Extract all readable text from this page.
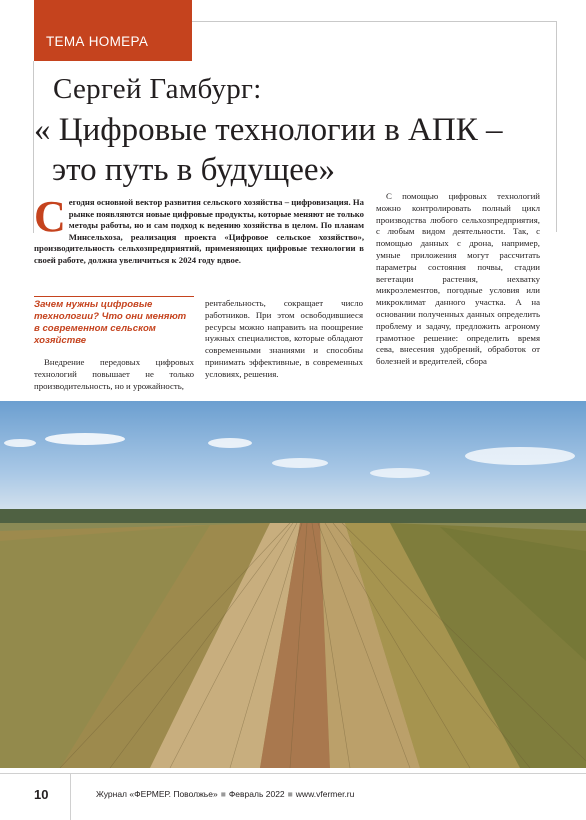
ТЕМА НОМЕРА
Сергей Гамбург:
« Цифровые технологии в АПК –
это путь в будущее»
Сегодня основной вектор развития сельского хозяйства – цифровизация. На рынке появляются новые цифровые продукты, которые меняют не только методы работы, но и сам подход к ведению хозяйства в целом. По планам Минсельхоза, реализация проекта «Цифровое сельское хозяйство», производительность сельхозпредприятий, применяющих цифровые технологии в своей работе, должна увеличиться к 2024 году вдвое.
Зачем нужны цифровые технологии? Что они меняют в современном сельском хозяйстве
Внедрение передовых цифровых технологий повышает не только производительность, но и урожайность,
рентабельность, сокращает число работников. При этом освободившиеся ресурсы можно направить на поощрение нужных специалистов, которые обладают современными знаниями и способны принимать эффективные, в современных условиях, решения.
С помощью цифровых технологий можно контролировать полный цикл производства любого сельхозпредприятия, с любым видом деятельности. Так, с помощью данных с дрона, например, умные приложения могут рассчитать параметры состояния почвы, стадии вегетации растения, нехватку микроэлементов, погодные условия или микроклимат данного участка. А на основании полученных данных определить проблему и задачу, предложить агроному грамотное решение: определить время сева, внесения удобрений, обработок от болезней и вредителей, сбора
10	Журнал «ФЕРМЕР. Поволжье» ■ Февраль 2022 ■ www.vfermer.ru
